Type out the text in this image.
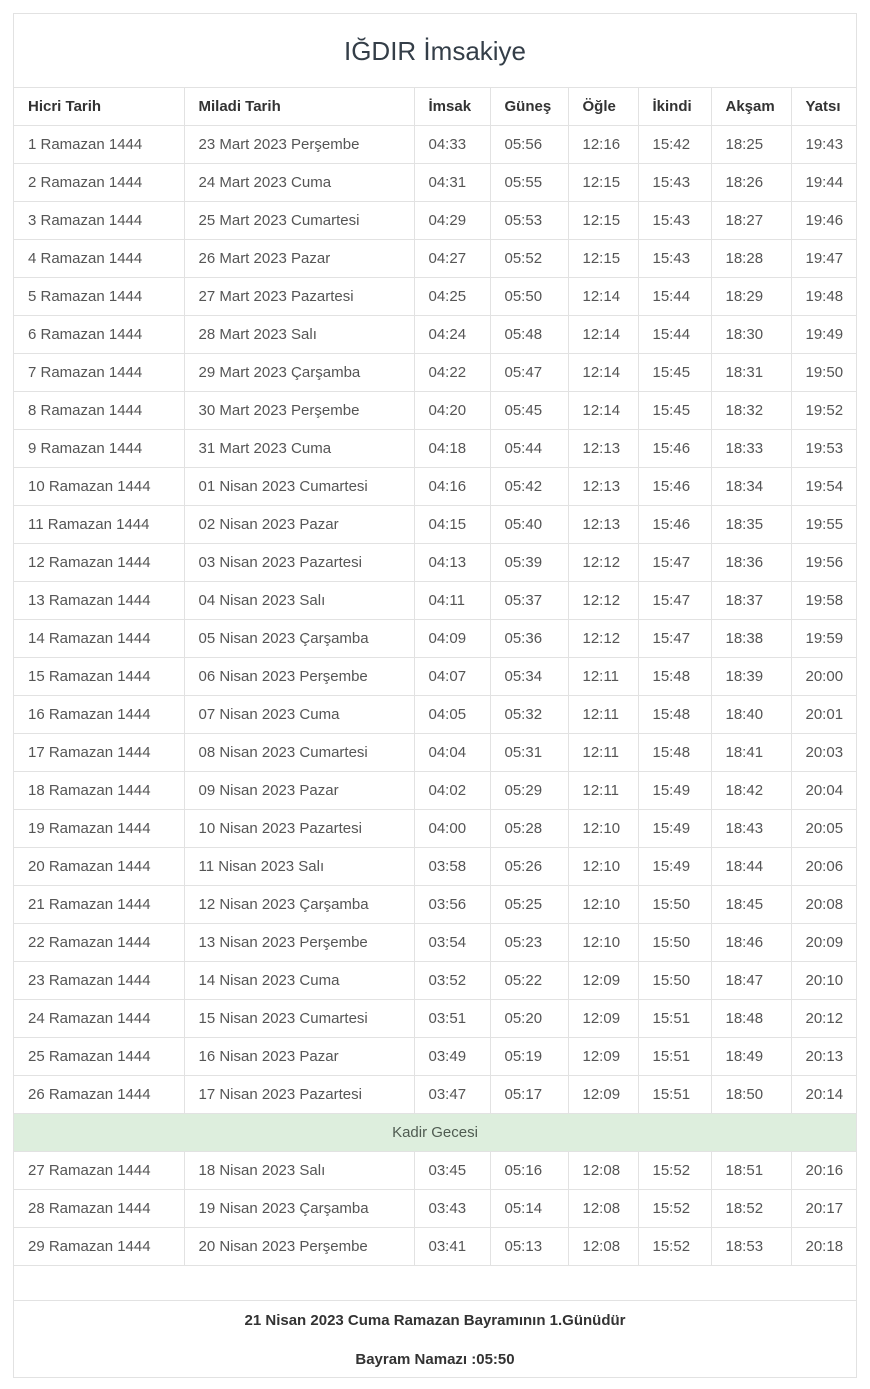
IĞDIR İmsakiye
Hicri Tarih	Miladi Tarih	İmsak	Güneş	Öğle	İkindi	Akşam	Yatsı
1 Ramazan 1444	23 Mart 2023 Perşembe	04:33	05:56	12:16	15:42	18:25	19:43
2 Ramazan 1444	24 Mart 2023 Cuma	04:31	05:55	12:15	15:43	18:26	19:44
3 Ramazan 1444	25 Mart 2023 Cumartesi	04:29	05:53	12:15	15:43	18:27	19:46
4 Ramazan 1444	26 Mart 2023 Pazar	04:27	05:52	12:15	15:43	18:28	19:47
5 Ramazan 1444	27 Mart 2023 Pazartesi	04:25	05:50	12:14	15:44	18:29	19:48
6 Ramazan 1444	28 Mart 2023 Salı	04:24	05:48	12:14	15:44	18:30	19:49
7 Ramazan 1444	29 Mart 2023 Çarşamba	04:22	05:47	12:14	15:45	18:31	19:50
8 Ramazan 1444	30 Mart 2023 Perşembe	04:20	05:45	12:14	15:45	18:32	19:52
9 Ramazan 1444	31 Mart 2023 Cuma	04:18	05:44	12:13	15:46	18:33	19:53
10 Ramazan 1444	01 Nisan 2023 Cumartesi	04:16	05:42	12:13	15:46	18:34	19:54
11 Ramazan 1444	02 Nisan 2023 Pazar	04:15	05:40	12:13	15:46	18:35	19:55
12 Ramazan 1444	03 Nisan 2023 Pazartesi	04:13	05:39	12:12	15:47	18:36	19:56
13 Ramazan 1444	04 Nisan 2023 Salı	04:11	05:37	12:12	15:47	18:37	19:58
14 Ramazan 1444	05 Nisan 2023 Çarşamba	04:09	05:36	12:12	15:47	18:38	19:59
15 Ramazan 1444	06 Nisan 2023 Perşembe	04:07	05:34	12:11	15:48	18:39	20:00
16 Ramazan 1444	07 Nisan 2023 Cuma	04:05	05:32	12:11	15:48	18:40	20:01
17 Ramazan 1444	08 Nisan 2023 Cumartesi	04:04	05:31	12:11	15:48	18:41	20:03
18 Ramazan 1444	09 Nisan 2023 Pazar	04:02	05:29	12:11	15:49	18:42	20:04
19 Ramazan 1444	10 Nisan 2023 Pazartesi	04:00	05:28	12:10	15:49	18:43	20:05
20 Ramazan 1444	11 Nisan 2023 Salı	03:58	05:26	12:10	15:49	18:44	20:06
21 Ramazan 1444	12 Nisan 2023 Çarşamba	03:56	05:25	12:10	15:50	18:45	20:08
22 Ramazan 1444	13 Nisan 2023 Perşembe	03:54	05:23	12:10	15:50	18:46	20:09
23 Ramazan 1444	14 Nisan 2023 Cuma	03:52	05:22	12:09	15:50	18:47	20:10
24 Ramazan 1444	15 Nisan 2023 Cumartesi	03:51	05:20	12:09	15:51	18:48	20:12
25 Ramazan 1444	16 Nisan 2023 Pazar	03:49	05:19	12:09	15:51	18:49	20:13
26 Ramazan 1444	17 Nisan 2023 Pazartesi	03:47	05:17	12:09	15:51	18:50	20:14
Kadir Gecesi							
27 Ramazan 1444	18 Nisan 2023 Salı	03:45	05:16	12:08	15:52	18:51	20:16
28 Ramazan 1444	19 Nisan 2023 Çarşamba	03:43	05:14	12:08	15:52	18:52	20:17
29 Ramazan 1444	20 Nisan 2023 Perşembe	03:41	05:13	12:08	15:52	18:53	20:18

21 Nisan 2023 Cuma Ramazan Bayramının 1.Günüdür

Bayram Namazı :05:50
